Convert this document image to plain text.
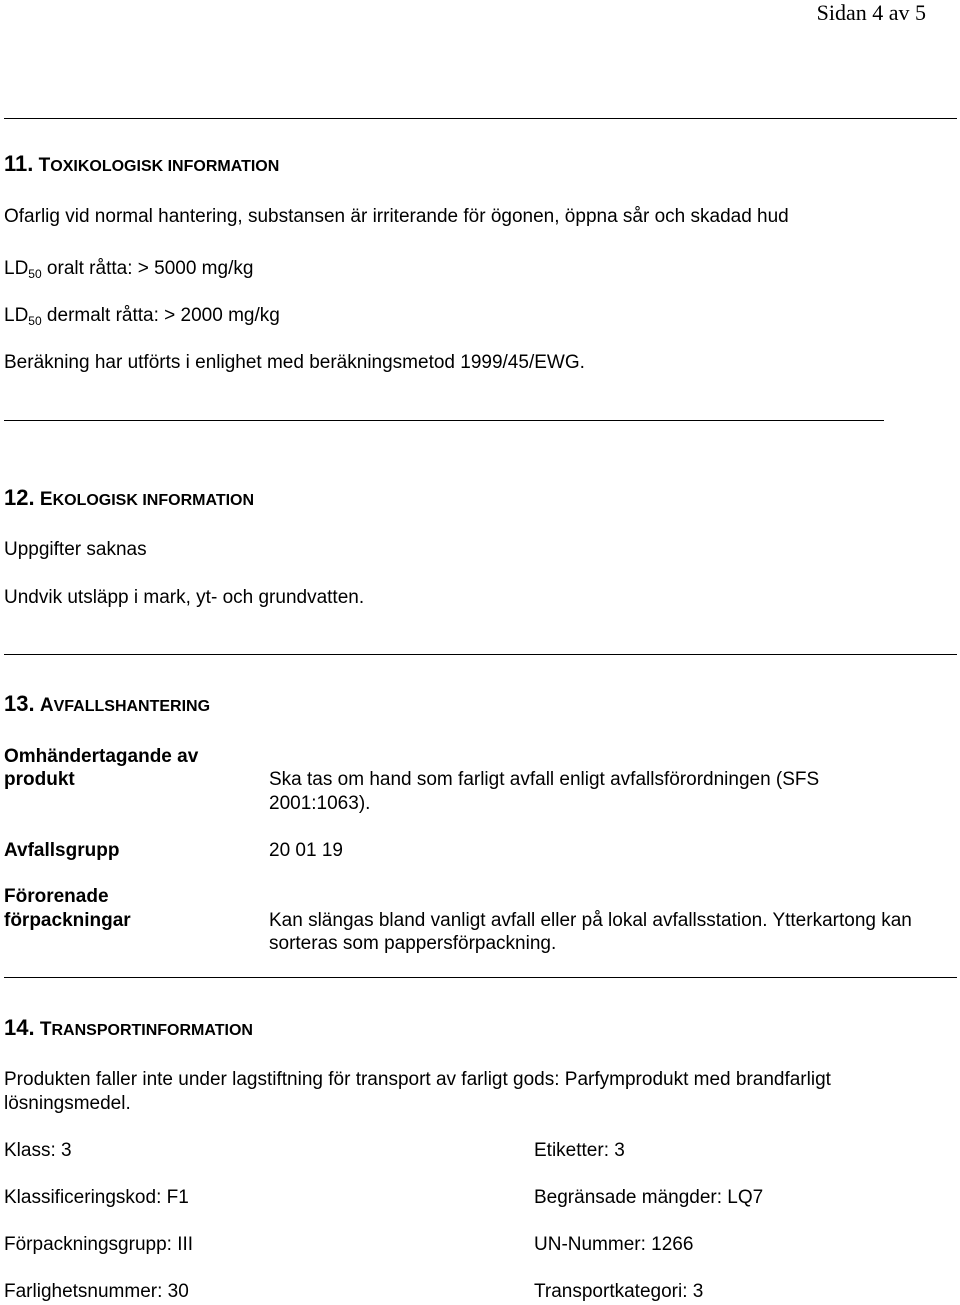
Sidan 4 av 5
11. TOXIKOLOGISK INFORMATION
Ofarlig vid normal hantering, substansen är irriterande för ögonen, öppna sår och skadad hud
$LD_{50}$ oralt råtta: > 5000 mg/kg
$LD_{50}$ dermalt råtta: > 2000 mg/kg
Beräkning har utförts i enlighet med beräkningsmetod 1999/45/EWG.
12. EKOLOGISK INFORMATION
Uppgifter saknas
Undvik utsläpp i mark, yt- och grundvatten.
13. AVFALLSHANTERING
Omhändertagande av
produkt	Ska tas om hand som farligt avfall enligt avfallsförordningen (SFS
2001:1063).
Avfallsgrupp	20 01 19
Förorenade
förpackningar	Kan slängas bland vanligt avfall eller på lokal avfallsstation. Ytterkartong kan
sorteras som pappersförpackning.
14. TRANSPORTINFORMATION
Produkten faller inte under lagstiftning för transport av farligt gods: Parfymprodukt med brandfarligt
lösningsmedel.
Klass: 3	Etiketter: 3
Klassificeringskod: F1	Begränsade mängder: LQ7
Förpackningsgrupp: III	UN-Nummer: 1266
Farlighetsnummer: 30	Transportkategori: 3
